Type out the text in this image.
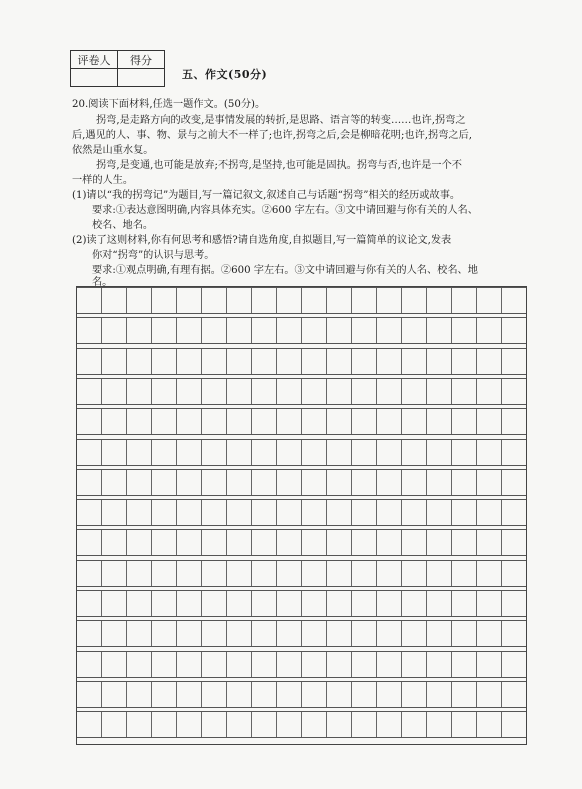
评卷人	得分

五、作文(50分)
20.阅读下面材料,任选一题作文。(50分)。
拐弯,是走路方向的改变,是事情发展的转折,是思路、语言等的转变……也许,拐弯之
后,遇见的人、事、物、景与之前大不一样了;也许,拐弯之后,会是柳暗花明;也许,拐弯之后,
依然是山重水复。
拐弯,是变通,也可能是放弃;不拐弯,是坚持,也可能是固执。拐弯与否,也许是一个不
一样的人生。
(1)请以“我的拐弯记”为题目,写一篇记叙文,叙述自己与话题“拐弯”相关的经历或故事。
要求:①表达意图明确,内容具体充实。②600 字左右。③文中请回避与你有关的人名、
校名、地名。
(2)读了这则材料,你有何思考和感悟?请自选角度,自拟题目,写一篇简单的议论文,发表
你对“拐弯”的认识与思考。
要求:①观点明确,有理有据。②600 字左右。③文中请回避与你有关的人名、校名、地
名。
